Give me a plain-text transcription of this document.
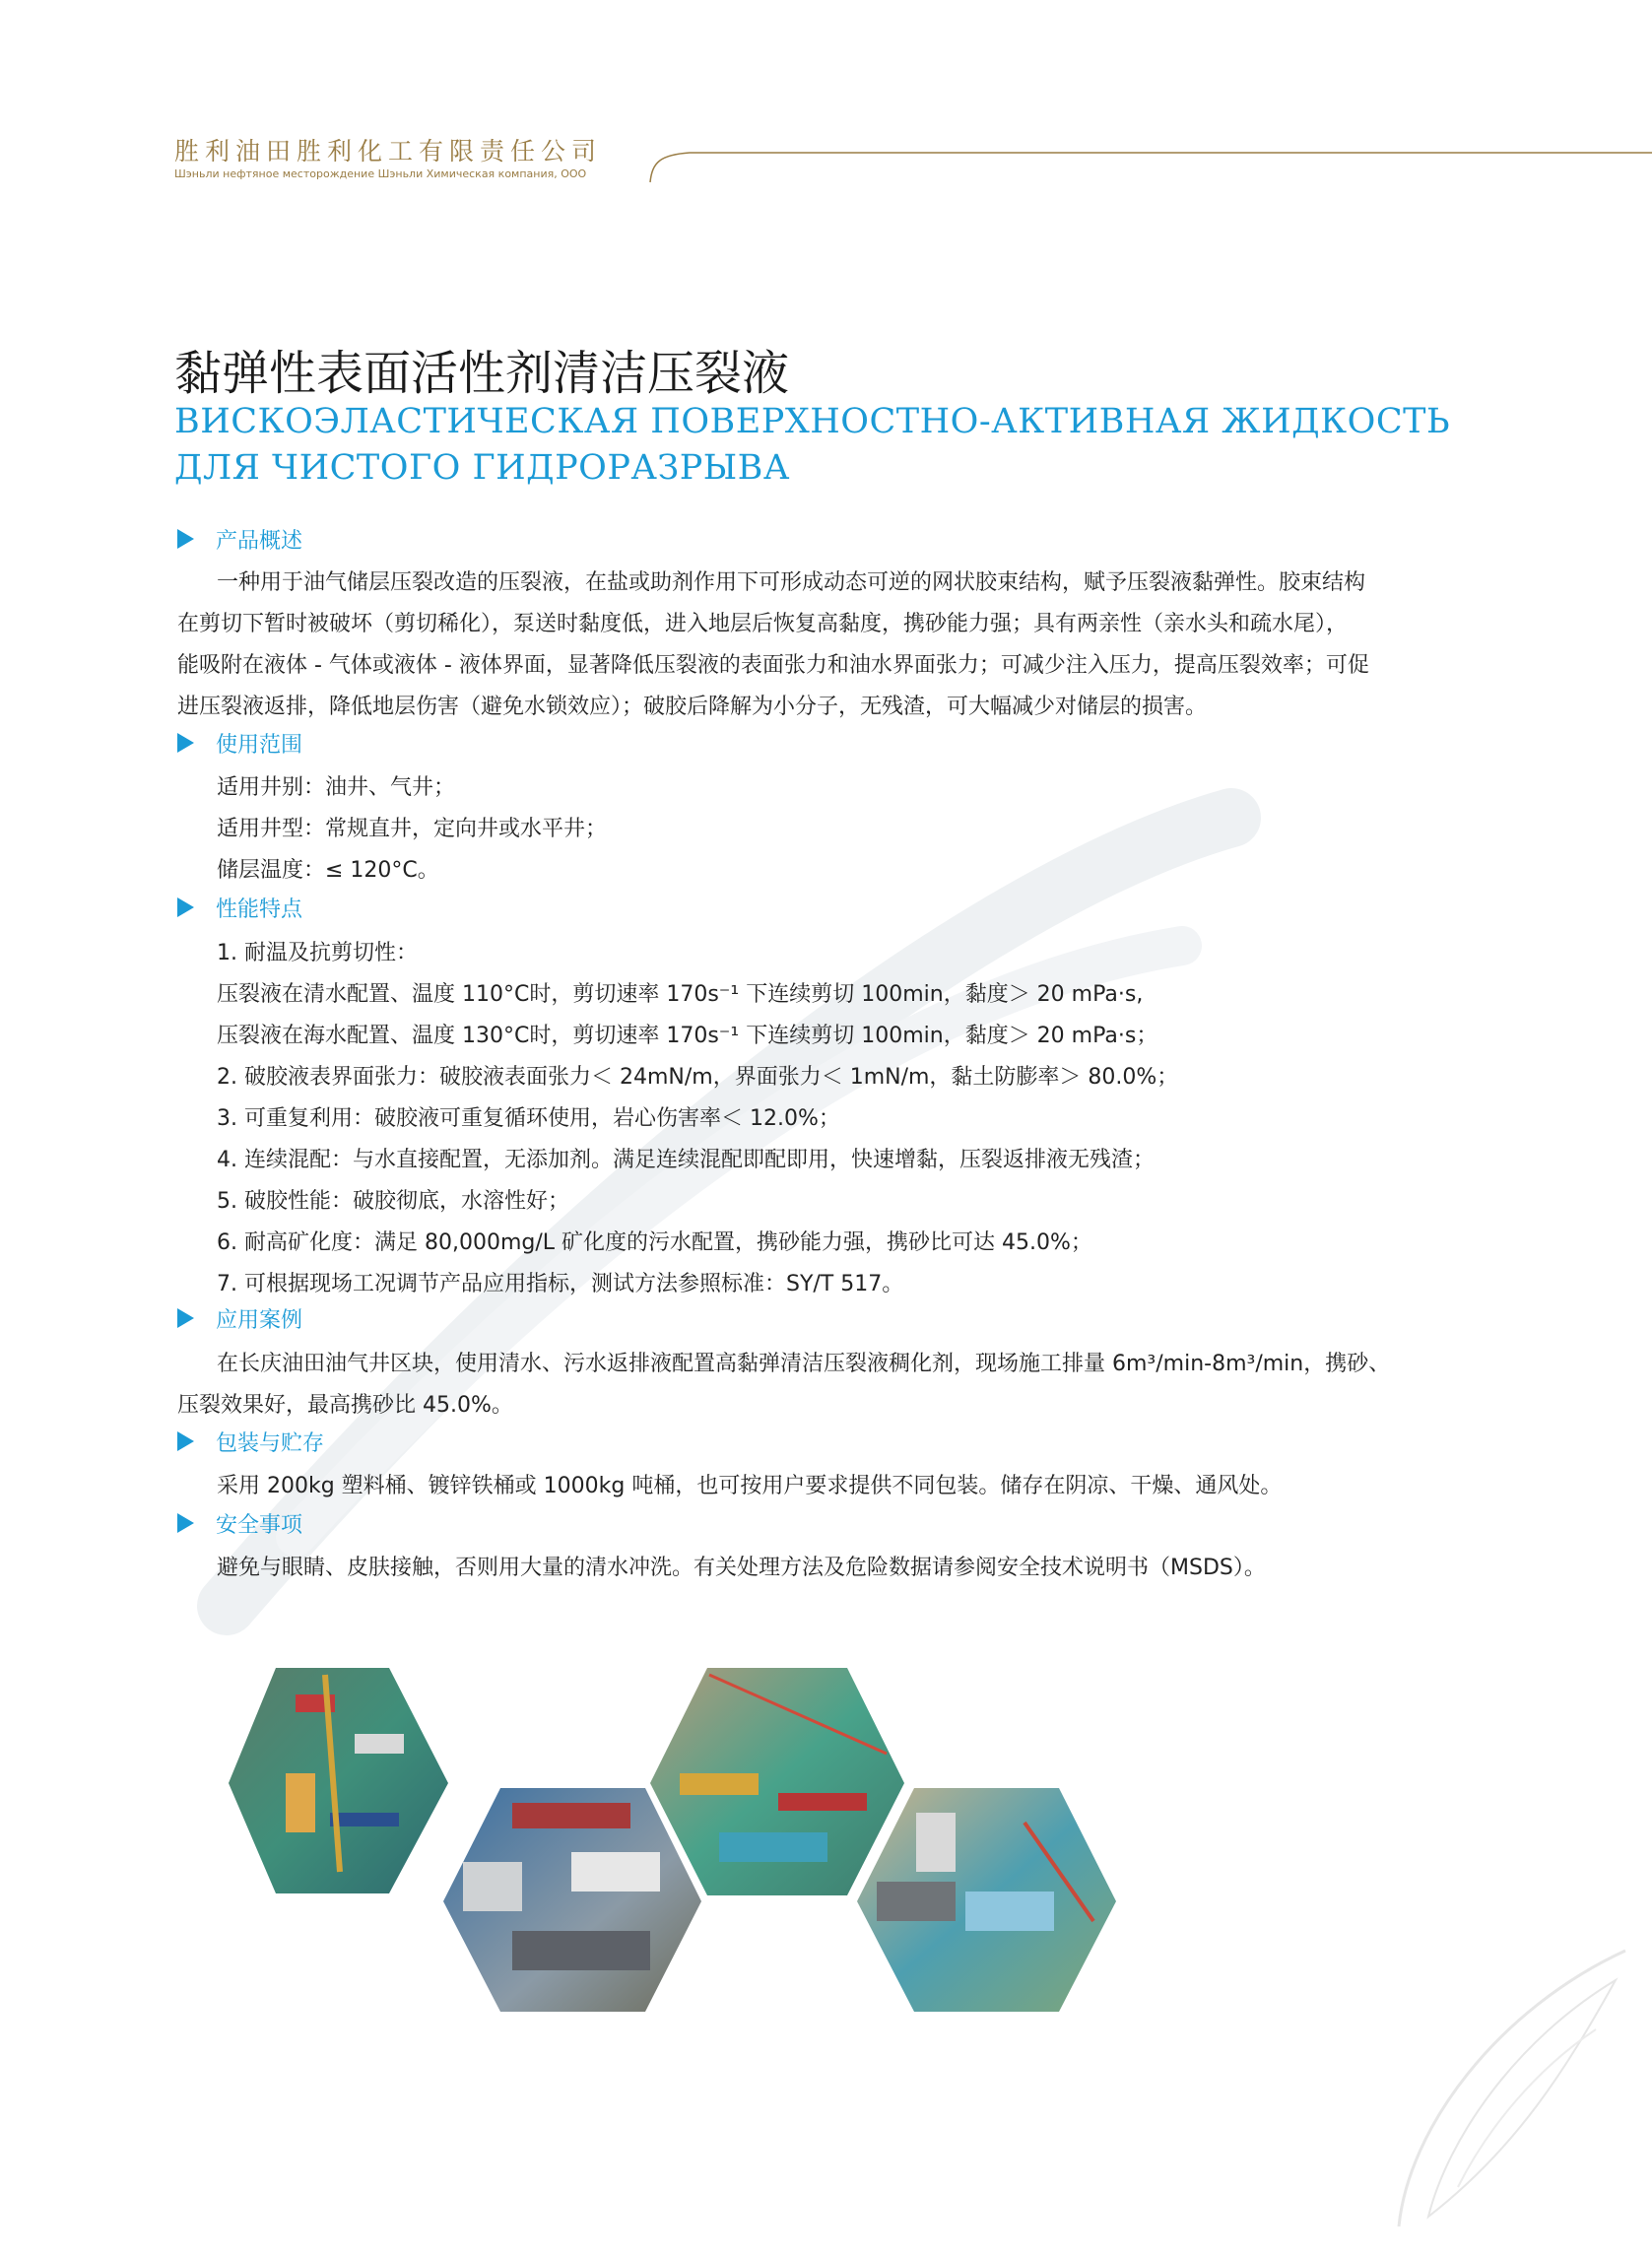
胜利油田胜利化工有限责任公司
Шэньли нефтяное месторождение Шэньли Химическая компания, ООО
黏弹性表面活性剂清洁压裂液
ВИСКОЭЛАСТИЧЕСКАЯ ПОВЕРХНОСТНО-АКТИВНАЯ ЖИДКОСТЬ
ДЛЯ ЧИСТОГО ГИДРОРАЗРЫВА
产品概述
一种用于油气储层压裂改造的压裂液，在盐或助剂作用下可形成动态可逆的网状胶束结构，赋予压裂液黏弹性。胶束结构
在剪切下暂时被破坏（剪切稀化），泵送时黏度低，进入地层后恢复高黏度，携砂能力强；具有两亲性（亲水头和疏水尾），
能吸附在液体 - 气体或液体 - 液体界面，显著降低压裂液的表面张力和油水界面张力；可减少注入压力，提高压裂效率；可促
进压裂液返排，降低地层伤害（避免水锁效应）；破胶后降解为小分子，无残渣，可大幅减少对储层的损害。
使用范围
适用井别：油井、气井；
适用井型：常规直井，定向井或水平井；
储层温度：≤ 120°C。
性能特点
1. 耐温及抗剪切性：
压裂液在清水配置、温度 110°C时，剪切速率 170s⁻¹ 下连续剪切 100min，黏度＞ 20 mPa·s,
压裂液在海水配置、温度 130°C时，剪切速率 170s⁻¹ 下连续剪切 100min，黏度＞ 20 mPa·s；
2. 破胶液表界面张力：破胶液表面张力＜ 24mN/m，界面张力＜ 1mN/m，黏土防膨率＞ 80.0%；
3. 可重复利用：破胶液可重复循环使用，岩心伤害率＜ 12.0%；
4. 连续混配：与水直接配置，无添加剂。满足连续混配即配即用，快速增黏，压裂返排液无残渣；
5. 破胶性能：破胶彻底，水溶性好；
6. 耐高矿化度：满足 80,000mg/L 矿化度的污水配置，携砂能力强，携砂比可达 45.0%；
7. 可根据现场工况调节产品应用指标，测试方法参照标准：SY/T 517。
应用案例
在长庆油田油气井区块，使用清水、污水返排液配置高黏弹清洁压裂液稠化剂，现场施工排量 6m³/min-8m³/min，携砂、
压裂效果好，最高携砂比 45.0%。
包装与贮存
采用 200kg 塑料桶、镀锌铁桶或 1000kg 吨桶，也可按用户要求提供不同包装。储存在阴凉、干燥、通风处。
安全事项
避免与眼睛、皮肤接触，否则用大量的清水冲洗。有关处理方法及危险数据请参阅安全技术说明书（MSDS）。
